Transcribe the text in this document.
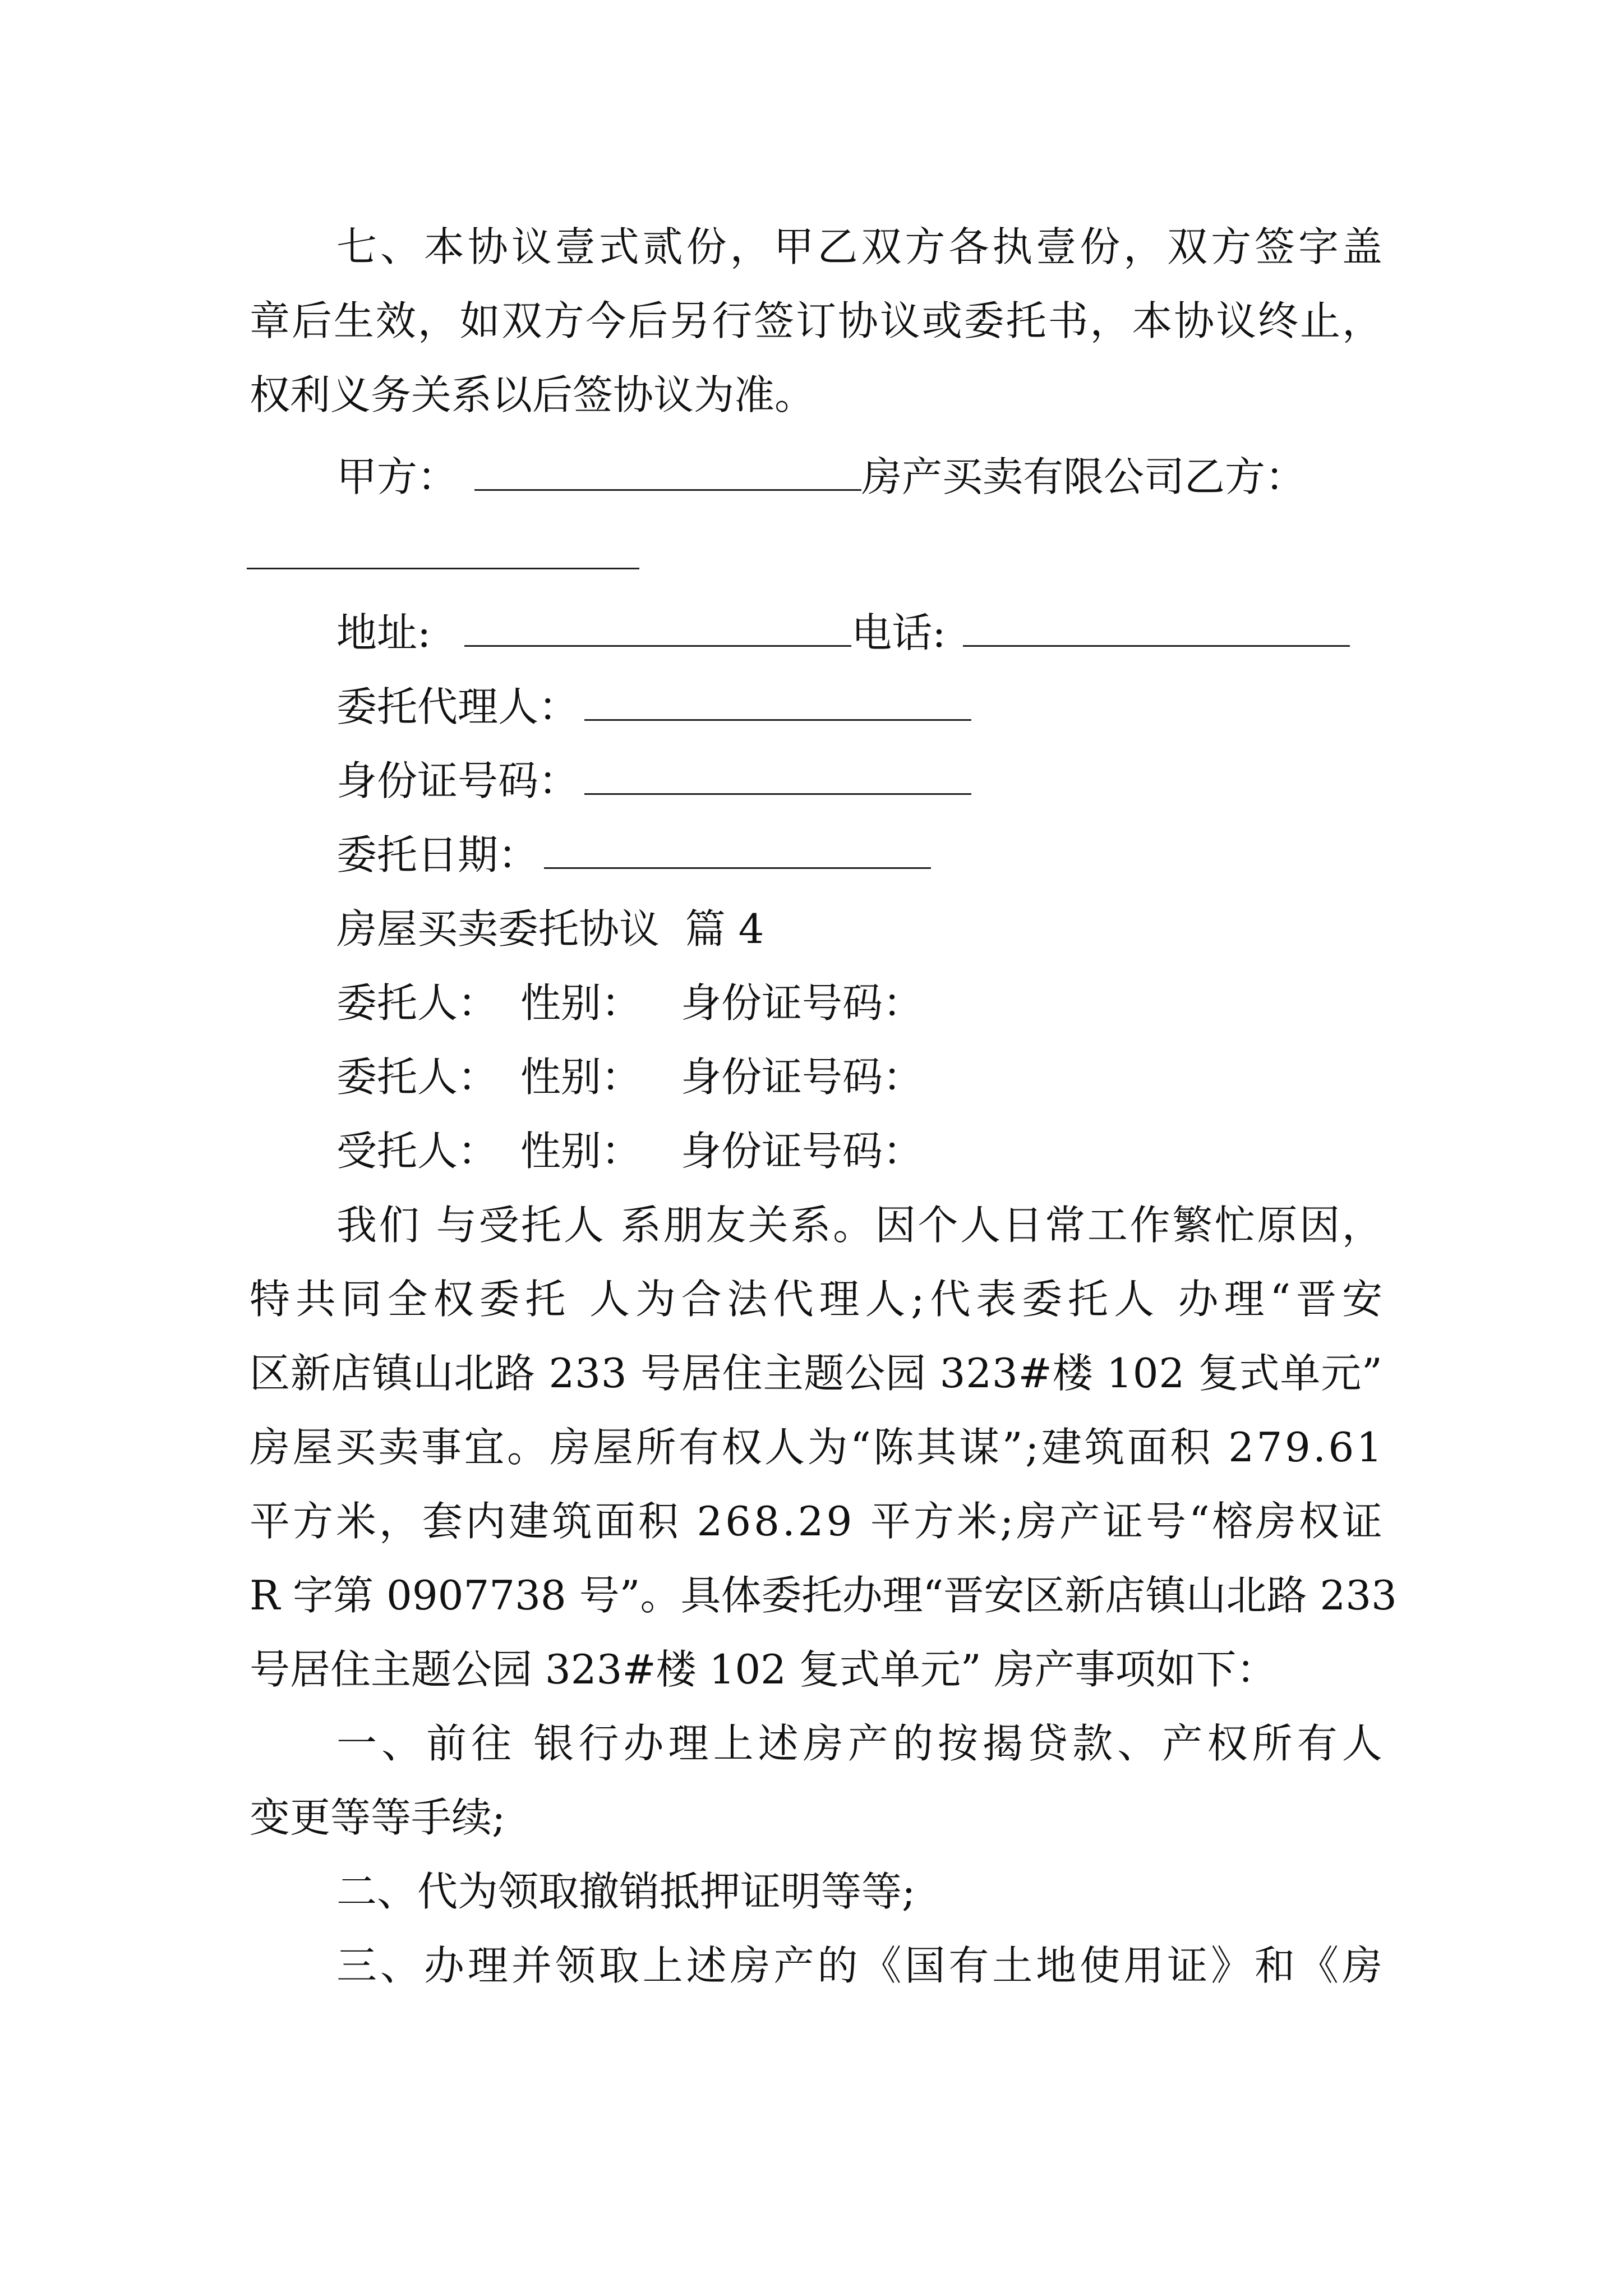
七 、 本 协 议 壹 式 贰 份 ， 甲 乙 双 方 各 执 壹 份 ， 双 方 签 字 盖
章 后 生 效 ， 如 双 方 今 后 另 行 签 订 协 议 或 委 托 书 ， 本 协 议 终 止 ，
权利义务关系以后签协议为准。
甲方：	房产买卖有限公司乙方：
地址:	电话:
委托代理人：
身份证号码：
委托日期：
房屋买卖委托协议  篇 4
委托人： 性别： 身份证号码：
委托人： 性别： 身份证号码：
受托人： 性别： 身份证号码：
我 们
与 受 托 人
系 朋 友 关 系 。 因 个 人 日 常 工 作 繁 忙 原 因 ，
特 共 同 全 权 委 托
人 为 合 法 代 理 人 ; 代 表 委 托 人
办 理 “ 晋 安
区 新 店 镇 山 北 路
2 3 3
号 居 住 主 题 公 园
3 2 3 # 楼
1 0 2
复 式 单 元 ”
房 屋 买 卖 事 宜 。 房 屋 所 有 权 人 为 “ 陈 其 谋 ” ; 建 筑 面 积
2 7 9 . 6 1
平 方 米 ， 套 内 建 筑 面 积
2 6 8 . 2 9
平 方 米 ; 房 产 证 号 “ 榕 房 权 证
R
字 第
0 9 0 7 7 3 8
号 ” 。 具 体 委 托 办 理 “ 晋 安 区 新 店 镇 山 北 路
2 3 3
号居住主题公园 323#楼 102 复式单元” 房产事项如下：
一 、 前 往
银 行 办 理 上 述 房 产 的 按 揭 贷 款 、 产 权 所 有 人
变更等等手续;
二、代为领取撤销抵押证明等等;
三 、 办 理 并 领 取 上 述 房 产 的 《 国 有 土 地 使 用 证 》 和 《 房
